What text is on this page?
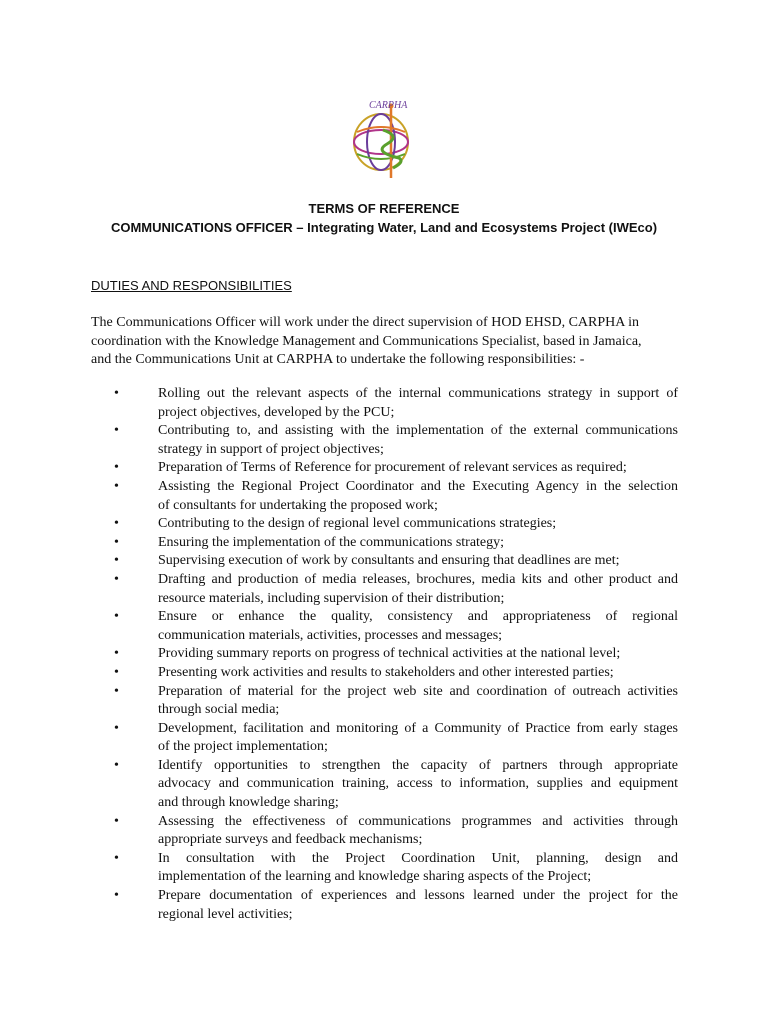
CARPHA
TERMS OF REFERENCE
COMMUNICATIONS OFFICER – Integrating Water, Land and Ecosystems Project (IWEco)
DUTIES AND RESPONSIBILITIES
The Communications Officer will work under the direct supervision of HOD EHSD, CARPHA in
coordination with the Knowledge Management and Communications Specialist, based in Jamaica,
and the Communications Unit at CARPHA to undertake the following responsibilities: -
•	Rolling out the relevant aspects of the internal communications strategy in support of
project objectives, developed by the PCU;
•	Contributing to, and assisting with the implementation of the external communications
strategy in support of project objectives;
•	Preparation of Terms of Reference for procurement of relevant services as required;
•	Assisting the Regional Project Coordinator and the Executing Agency in the selection
of consultants for undertaking the proposed work;
•	Contributing to the design of regional level communications strategies;
•	Ensuring the implementation of the communications strategy;
•	Supervising execution of work by consultants and ensuring that deadlines are met;
•	Drafting and production of media releases, brochures, media kits and other product and
resource materials, including supervision of their distribution;
•	Ensure or enhance the quality, consistency and appropriateness of regional
communication materials, activities, processes and messages;
•	Providing summary reports on progress of technical activities at the national level;
•	Presenting work activities and results to stakeholders and other interested parties;
•	Preparation of material for the project web site and coordination of outreach activities
through social media;
•	Development, facilitation and monitoring of a Community of Practice from early stages
of the project implementation;
•	Identify opportunities to strengthen the capacity of partners through appropriate
advocacy and communication training, access to information, supplies and equipment
and through knowledge sharing;
•	Assessing the effectiveness of communications programmes and activities through
appropriate surveys and feedback mechanisms;
•	In consultation with the Project Coordination Unit, planning, design and
implementation of the learning and knowledge sharing aspects of the Project;
•	Prepare documentation of experiences and lessons learned under the project for the
regional level activities;
